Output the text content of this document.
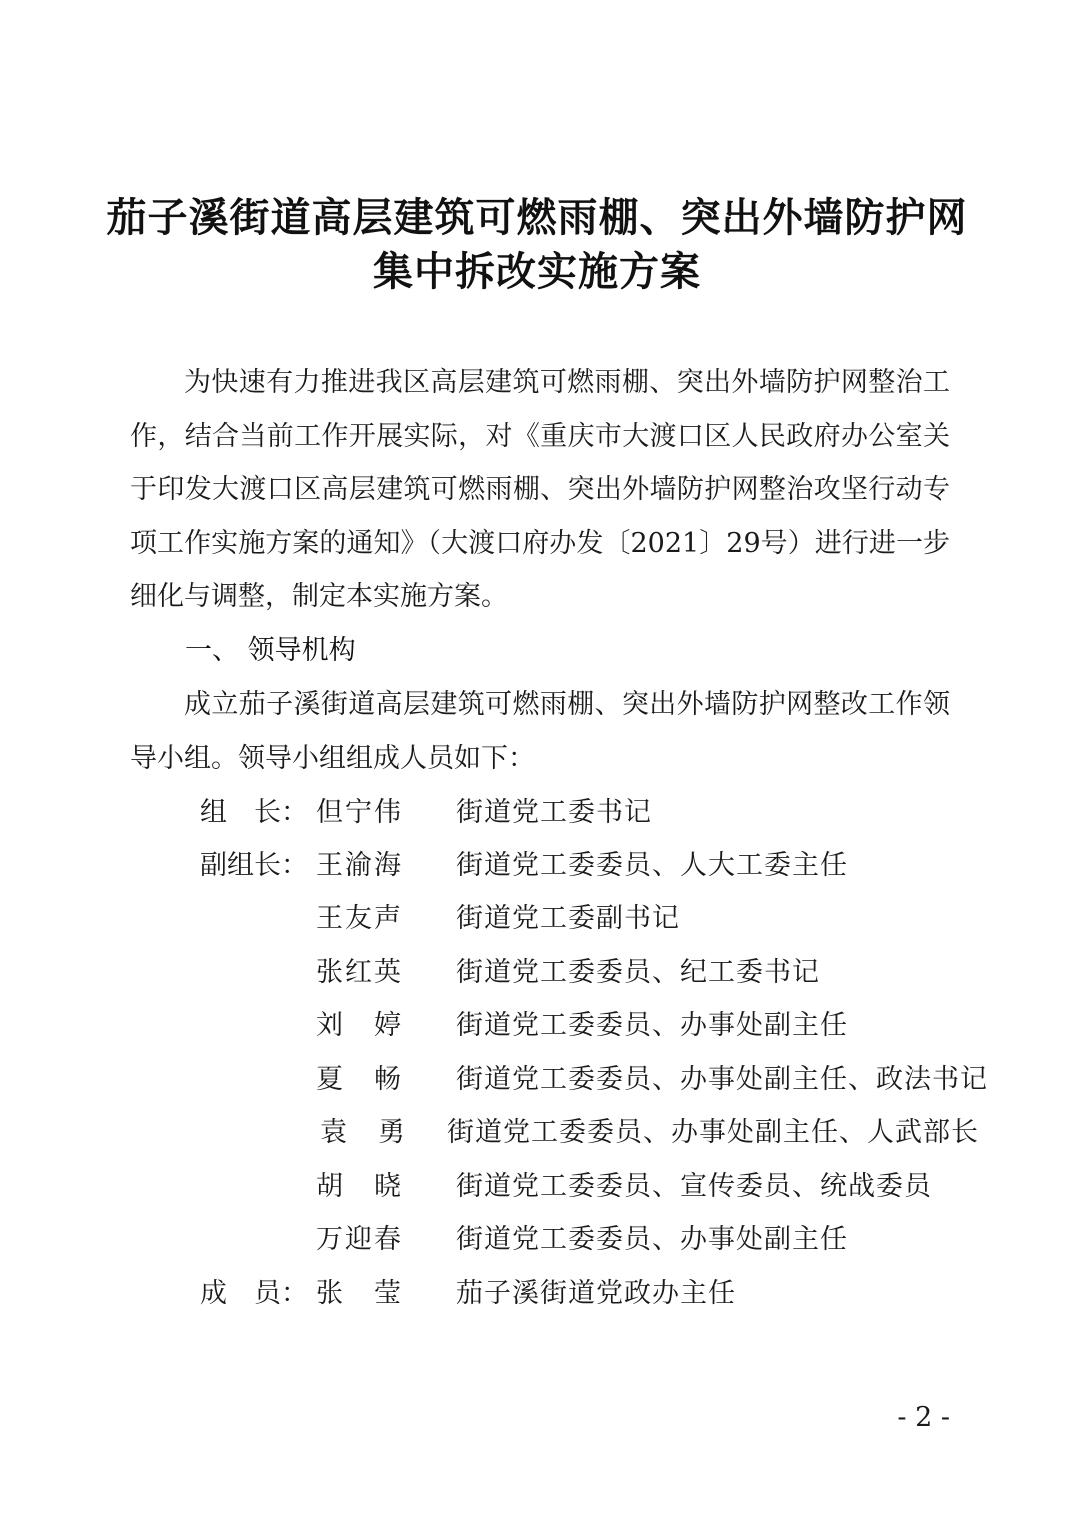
茄子溪街道高层建筑可燃雨棚、突出外墙防护网
集中拆改实施方案
为快速有力推进我区高层建筑可燃雨棚、突出外墙防护网整治工作，结合当前工作开展实际，对《重庆市大渡口区人民政府办公室关于印发大渡口区高层建筑可燃雨棚、突出外墙防护网整治攻坚行动专项工作实施方案的通知》（大渡口府办发〔2021〕29号）进行进一步细化与调整，制定本实施方案。
一、 领导机构
成立茄子溪街道高层建筑可燃雨棚、突出外墙防护网整改工作领导小组。领导小组组成人员如下：
组　长： 但宁伟 街道党工委书记
副组长： 王渝海 街道党工委委员、人大工委主任
王友声 街道党工委副书记
张红英 街道党工委委员、纪工委书记
刘　婷 街道党工委委员、办事处副主任
夏　畅 街道党工委委员、办事处副主任、政法书记
袁　勇 街道党工委委员、办事处副主任、人武部长
胡　晓 街道党工委委员、宣传委员、统战委员
万迎春 街道党工委委员、办事处副主任
成　员： 张　莹 茄子溪街道党政办主任
- 2 -
